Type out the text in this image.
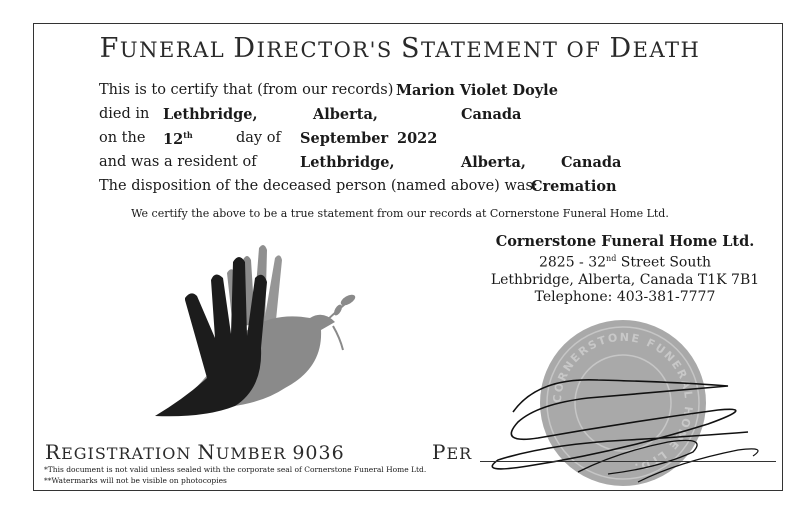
FUNERAL DIRECTOR'S STATEMENT OF DEATH
This is to certify that (from our records) Marion Violet Doyle
died in Lethbridge,	Alberta,	Canada
on the 12th	day of September 2022
and was a resident of	Lethbridge,	Alberta, Canada
The disposition of the deceased person (named above) was:
Cremation
We certify the above to be a true statement from our records at Cornerstone Funeral Home Ltd.
Cornerstone Funeral Home Ltd.
2825 - 32nd Street South
Lethbridge, Alberta, Canada T1K 7B1
Telephone: 403-381-7777
CORNERSTONE FUNERAL HOME LTD.
REGISTRATION NUMBER 9036	PER
*This document is not valid unless sealed with the corporate seal of Cornerstone Funeral Home Ltd.
**Watermarks will not be visible on photocopies
